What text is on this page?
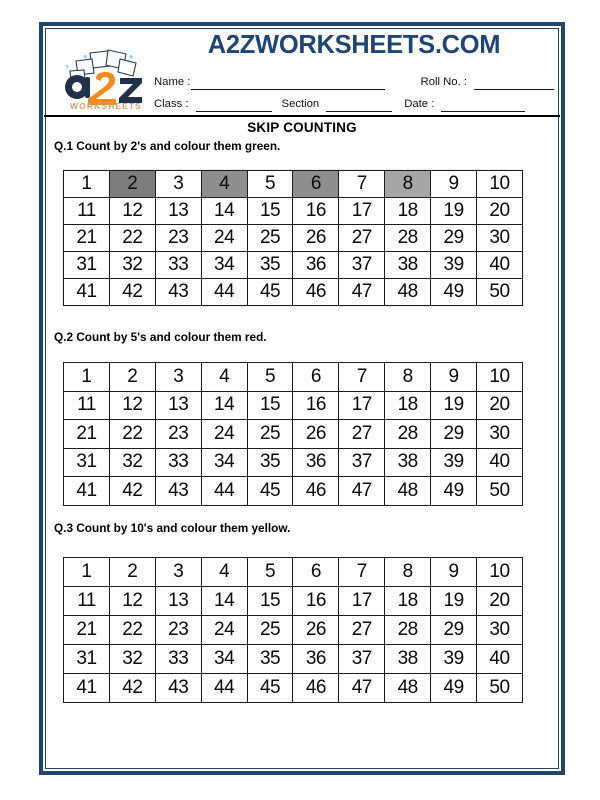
WORKSHEETS
A2ZWORKSHEETS.COM
Name :	Roll No. :
Class :	Section	Date :
SKIP COUNTING
Q.1 Count by 2's and colour them green.
1	2	3	4	5	6	7	8	9	10
11	12	13	14	15	16	17	18	19	20
21	22	23	24	25	26	27	28	29	30
31	32	33	34	35	36	37	38	39	40
41	42	43	44	45	46	47	48	49	50
Q.2 Count by 5's and colour them red.
1	2	3	4	5	6	7	8	9	10
11	12	13	14	15	16	17	18	19	20
21	22	23	24	25	26	27	28	29	30
31	32	33	34	35	36	37	38	39	40
41	42	43	44	45	46	47	48	49	50
Q.3 Count by 10's and colour them yellow.
1	2	3	4	5	6	7	8	9	10
11	12	13	14	15	16	17	18	19	20
21	22	23	24	25	26	27	28	29	30
31	32	33	34	35	36	37	38	39	40
41	42	43	44	45	46	47	48	49	50
